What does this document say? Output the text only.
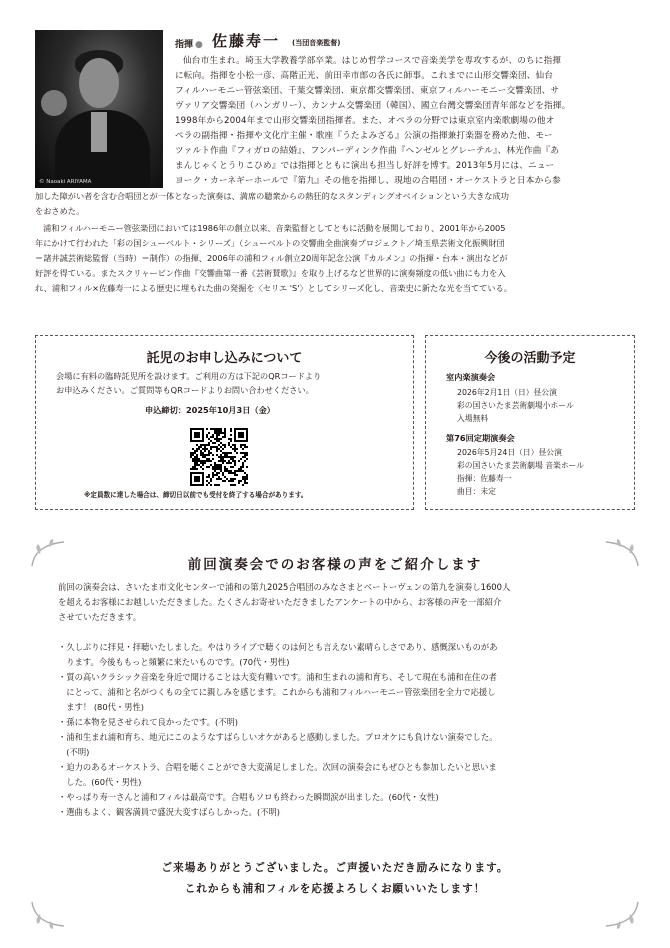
© Naoaki ARIYAMA
指揮 ● 佐藤寿一 (当団音楽監督)
仙台市生まれ。埼玉大学教養学部卒業。はじめ哲学コースで音楽美学を専攻するが、のちに指揮
に転向。指揮を小松一彦、高階正光、前田幸市郎の各氏に師事。これまでに山形交響楽団、仙台
フィルハーモニー管弦楽団、千葉交響楽団、東京都交響楽団、東京フィルハーモニー交響楽団、サ
ヴァリア交響楽団（ハンガリー）、カンナム交響楽団（韓国）、國立台灣交響楽団青年部などを指揮。
1998年から2004年まで山形交響楽団指揮者。また、オペラの分野では東京室内楽歌劇場の他オ
ペラの副指揮・指揮や文化庁主催・歌座『うたよみざる』公演の指揮兼打楽器を務めた他、モー
ツァルト作曲『フィガロの結婚』、フンパーディンク作曲『ヘンゼルとグレーテル』、林光作曲『あ
まんじゃくとうりこひめ』では指揮とともに演出も担当し好評を博す。2013年5月には、ニュー
ヨーク・カーネギーホールで『第九』その他を指揮し、現地の合唱団・オーケストラと日本から参
加した障がい者を含む合唱団とが一体となった演奏は、満席の聴衆からの熱狂的なスタンディングオベイションという大きな成功
をおさめた。
浦和フィルハーモニー管弦楽団においては1986年の創立以来、音楽監督としてともに活動を展開しており、2001年から2005
年にかけて行われた「彩の国シューベルト・シリーズ」（シューベルトの交響曲全曲演奏プロジェクト／埼玉県芸術文化振興財団
＝諸井誠芸術総監督（当時）＝制作）の指揮、2006年の浦和フィル創立20周年記念公演『カルメン』の指揮・台本・演出などが
好評を得ている。またスクリャービン作曲『交響曲第一番《芸術賛歌》』を取り上げるなど世界的に演奏頻度の低い曲にも力を入
れ、浦和フィル×佐藤寿一による歴史に埋もれた曲の発掘を〈セリエ 'S'〉としてシリーズ化し、音楽史に新たな光を当てている。
託児のお申し込みについて
会場に有料の臨時託児所を設けます。ご利用の方は下記のQRコードより
お申込みください。ご質問等もQRコードよりお問い合わせください。
申込締切：2025年10月3日（金）
※定員数に達した場合は、締切日以前でも受付を終了する場合があります。
今後の活動予定
室内楽演奏会
2026年2月1日（日）昼公演
彩の国さいたま芸術劇場小ホール
入場無料
第76回定期演奏会
2026年5月24日（日）昼公演
彩の国さいたま芸術劇場 音楽ホール
指揮：佐藤寿一
曲目：未定
前回演奏会でのお客様の声をご紹介します
前回の演奏会は、さいたま市文化センターで浦和の第九2025合唱団のみなさまとベートーヴェンの第九を演奏し1600人
を超えるお客様にお越しいただきました。たくさんお寄せいただきましたアンケートの中から、お客様の声を一部紹介
させていただきます。
・久しぶりに拝見・拝聴いたしました。やはりライブで聴くのは何とも言えない素晴らしさであり、感慨深いものがあ
　ります。今後ももっと頻繁に来たいものです。(70代・男性)
・質の高いクラシック音楽を身近で聞けることは大変有難いです。浦和生まれの浦和育ち、そして現在も浦和在住の者
　にとって、浦和と名がつくもの全てに親しみを感じます。これからも浦和フィルハーモニー管弦楽団を全力で応援し
　ます！ (80代・男性)
・孫に本物を見させられて良かったです。(不明)
・浦和生まれ浦和育ち、地元にこのようなすばらしいオケがあると感動しました。プロオケにも負けない演奏でした。
　(不明)
・迫力のあるオーケストラ、合唱を聴くことができ大変満足しました。次回の演奏会にもぜひとも参加したいと思いま
　した。(60代・男性)
・やっぱり寿一さんと浦和フィルは最高です。合唱もソロも終わった瞬間涙が出ました。(60代・女性)
・選曲もよく、観客満員で盛況大変すばらしかった。(不明)
ご来場ありがとうございました。ご声援いただき励みになります。
これからも浦和フィルを応援よろしくお願いいたします！
